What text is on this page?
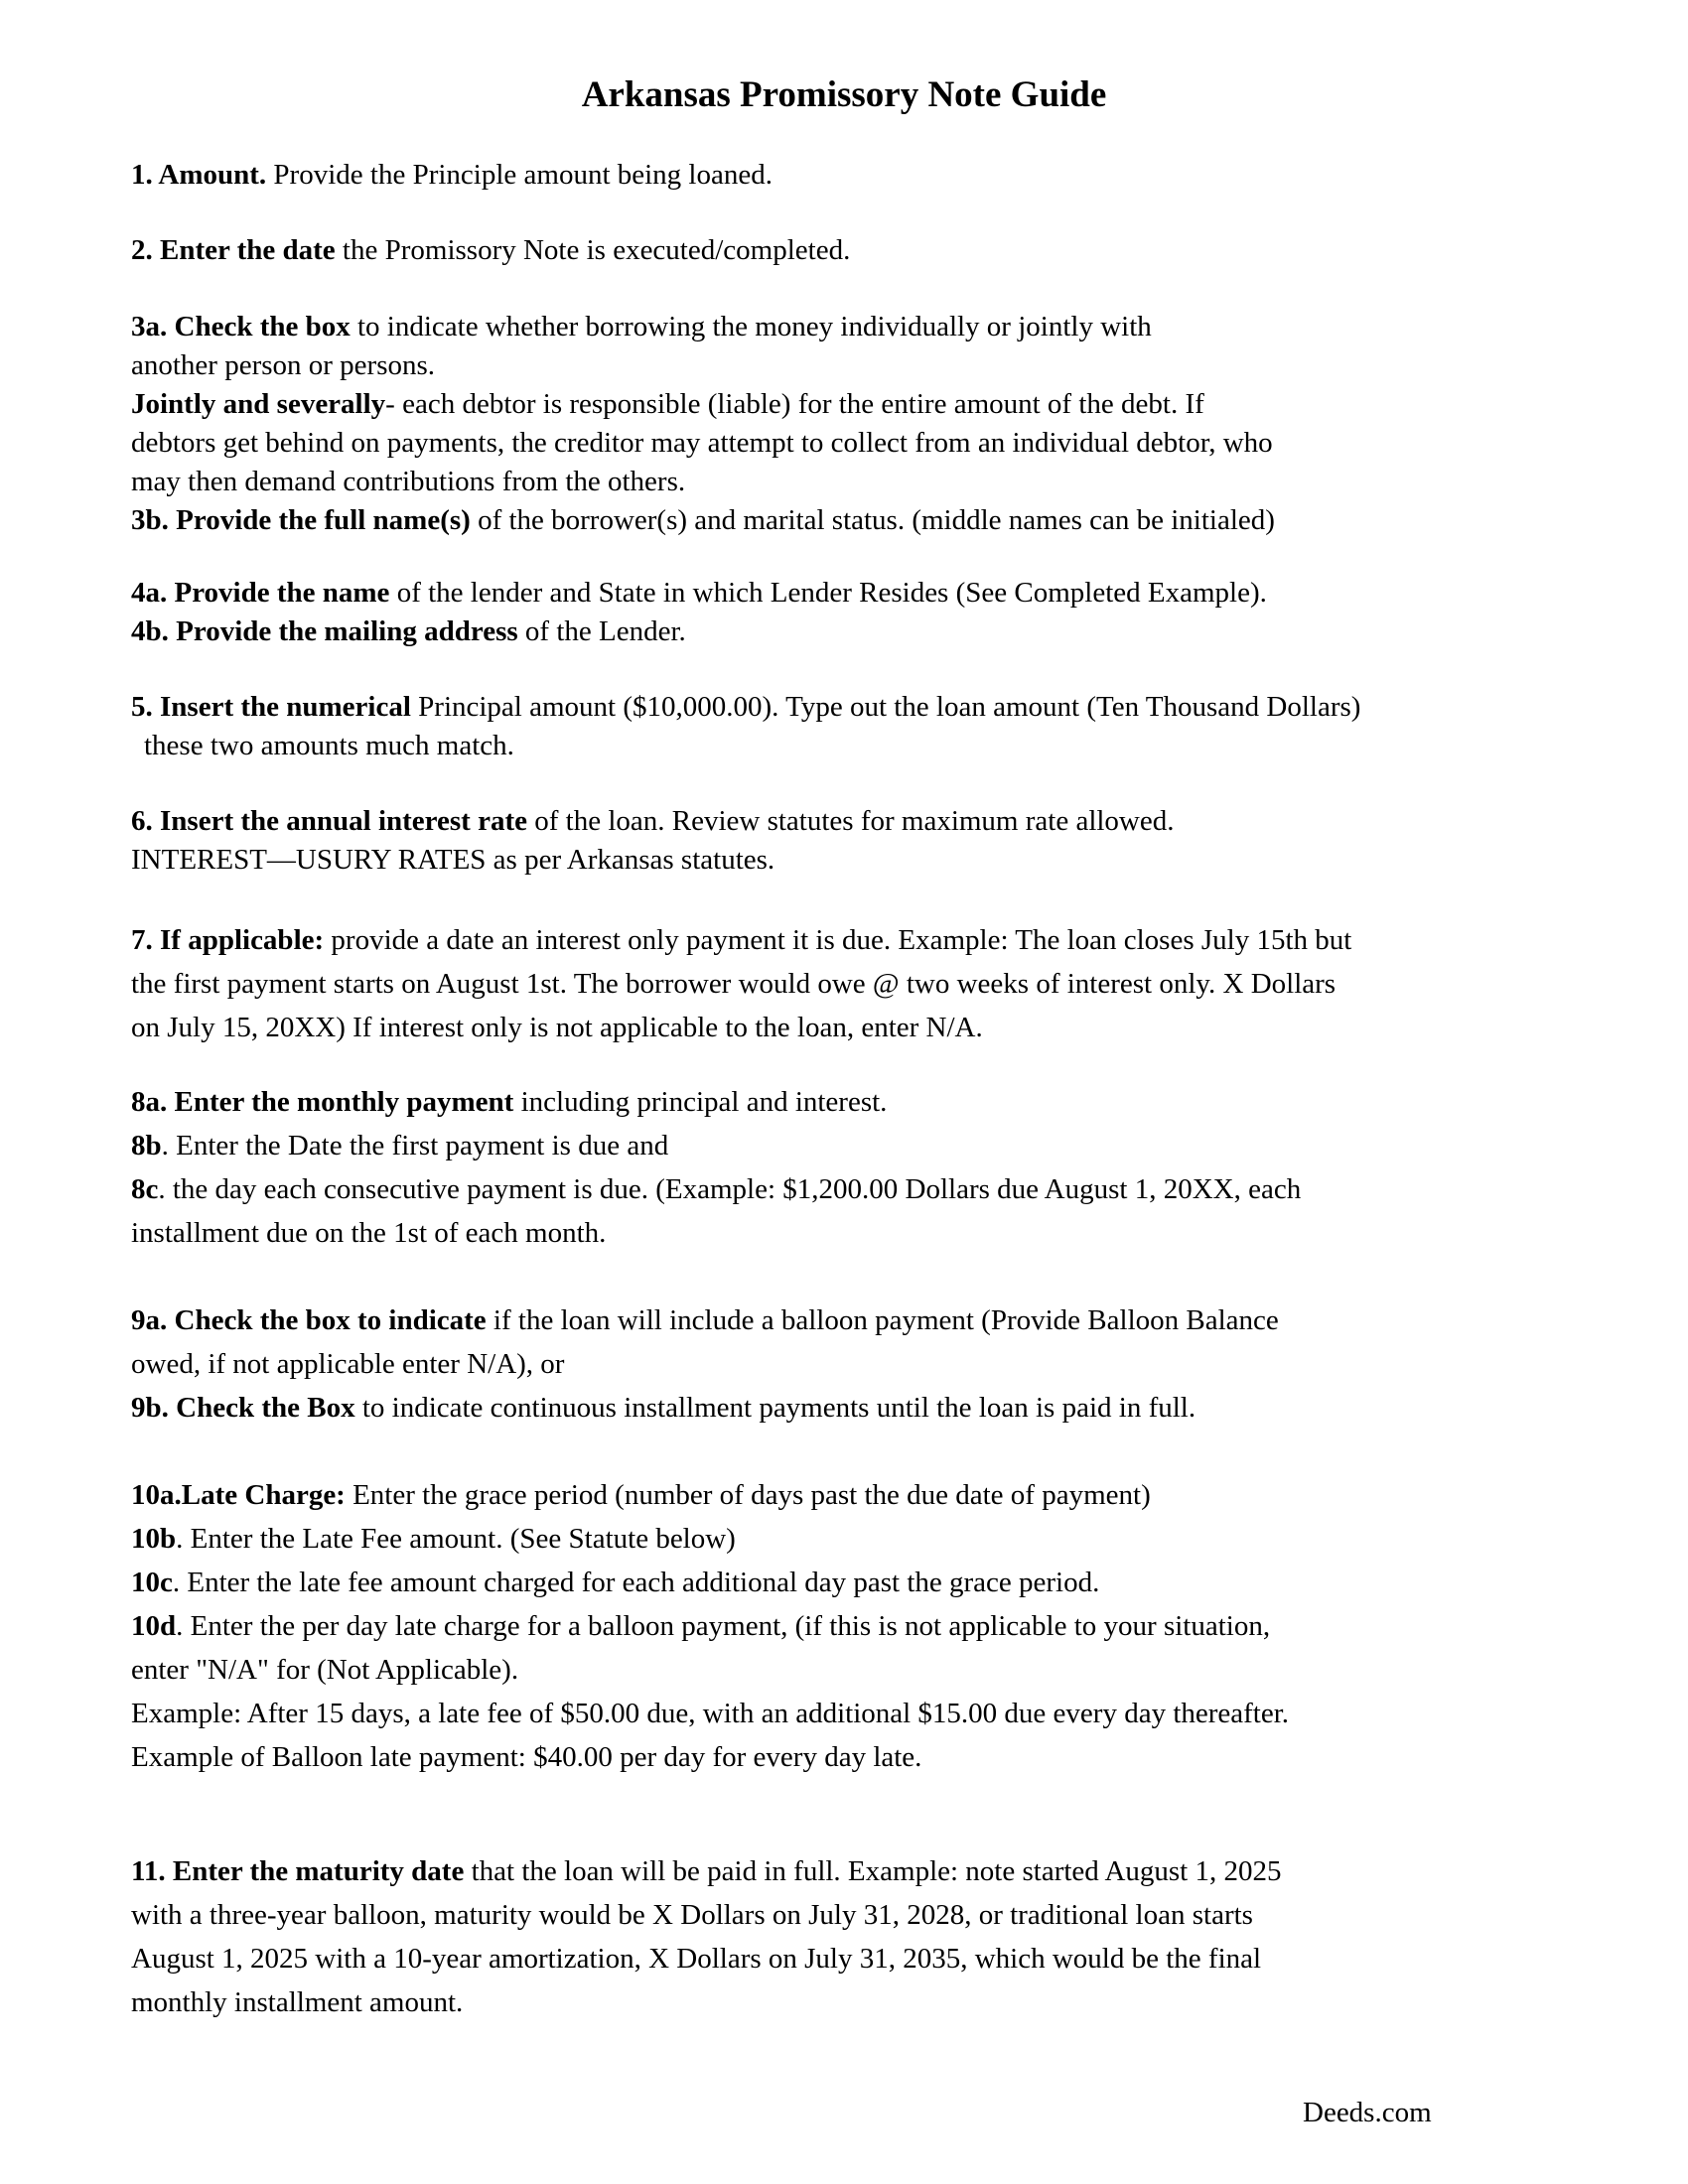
Arkansas Promissory Note Guide

1. Amount. Provide the Principle amount being loaned.

2. Enter the date the Promissory Note is executed/completed.

3a. Check the box to indicate whether borrowing the money individually or jointly with
another person or persons.
Jointly and severally- each debtor is responsible (liable) for the entire amount of the debt. If
debtors get behind on payments, the creditor may attempt to collect from an individual debtor, who
may then demand contributions from the others.
3b. Provide the full name(s) of the borrower(s) and marital status. (middle names can be initialed)

4a. Provide the name of the lender and State in which Lender Resides (See Completed Example).
4b. Provide the mailing address of the Lender.

5. Insert the numerical Principal amount ($10,000.00). Type out the loan amount (Ten Thousand Dollars)
these two amounts much match.

6. Insert the annual interest rate of the loan. Review statutes for maximum rate allowed.
INTEREST—USURY RATES as per Arkansas statutes.

7. If applicable: provide a date an interest only payment it is due. Example: The loan closes July 15th but
the first payment starts on August 1st. The borrower would owe @ two weeks of interest only. X Dollars
on July 15, 20XX) If interest only is not applicable to the loan, enter N/A.

8a. Enter the monthly payment including principal and interest.
8b. Enter the Date the first payment is due and
8c. the day each consecutive payment is due. (Example: $1,200.00 Dollars due August 1, 20XX, each
installment due on the 1st of each month.

9a. Check the box to indicate if the loan will include a balloon payment (Provide Balloon Balance
owed, if not applicable enter N/A), or
9b. Check the Box to indicate continuous installment payments until the loan is paid in full.

10a.Late Charge: Enter the grace period (number of days past the due date of payment)
10b. Enter the Late Fee amount. (See Statute below)
10c. Enter the late fee amount charged for each additional day past the grace period.
10d. Enter the per day late charge for a balloon payment, (if this is not applicable to your situation,
enter "N/A" for (Not Applicable).
Example: After 15 days, a late fee of $50.00 due, with an additional $15.00 due every day thereafter.
Example of Balloon late payment: $40.00 per day for every day late.

11. Enter the maturity date that the loan will be paid in full. Example: note started August 1, 2025
with a three-year balloon, maturity would be X Dollars on July 31, 2028, or traditional loan starts
August 1, 2025 with a 10-year amortization, X Dollars on July 31, 2035, which would be the final
monthly installment amount.

Deeds.com
